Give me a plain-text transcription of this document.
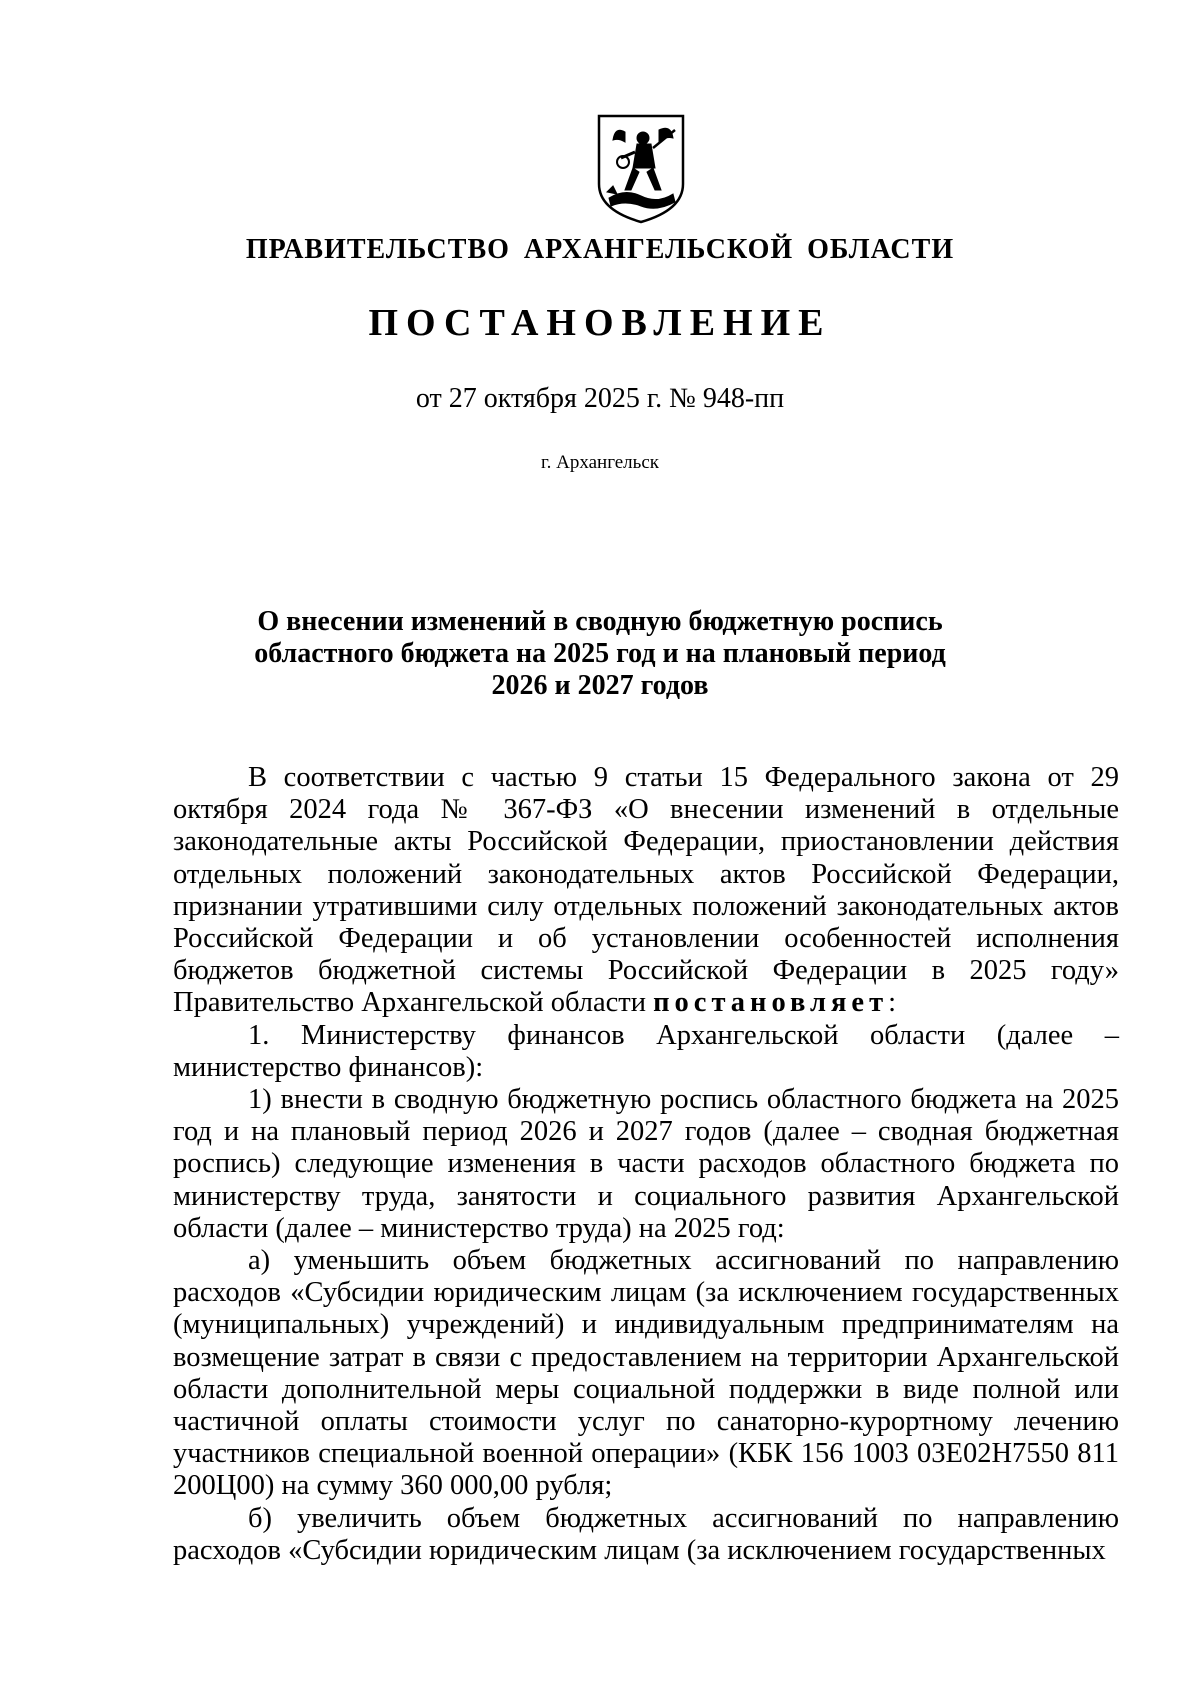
ПРАВИТЕЛЬСТВО АРХАНГЕЛЬСКОЙ ОБЛАСТИ
ПОСТАНОВЛЕНИЕ
от 27 октября 2025 г. № 948-пп
г. Архангельск
О внесении изменений в сводную бюджетную роспись
областного бюджета на 2025 год и на плановый период
2026 и 2027 годов

В соответствии с частью 9 статьи 15 Федерального закона от 29 октября 2024 года № 367-ФЗ «О внесении изменений в отдельные законодательные акты Российской Федерации, приостановлении действия отдельных положений законодательных актов Российской Федерации, признании утратившими силу отдельных положений законодательных актов Российской Федерации и об установлении особенностей исполнения бюджетов бюджетной системы Российской Федерации в 2025 году» Правительство Архангельской области постановляет:

1. Министерству финансов Архангельской области (далее – министерство финансов):

1) внести в сводную бюджетную роспись областного бюджета на 2025 год и на плановый период 2026 и 2027 годов (далее – сводная бюджетная роспись) следующие изменения в части расходов областного бюджета по министерству труда, занятости и социального развития Архангельской области (далее – министерство труда) на 2025 год:

а) уменьшить объем бюджетных ассигнований по направлению расходов «Субсидии юридическим лицам (за исключением государственных (муниципальных) учреждений) и индивидуальным предпринимателям на возмещение затрат в связи с предоставлением на территории Архангельской области дополнительной меры социальной поддержки в виде полной или частичной оплаты стоимости услуг по санаторно-курортному лечению участников специальной военной операции» (КБК 156 1003 03Е02Н7550 811 200Ц00) на сумму 360 000,00 рубля;

б) увеличить объем бюджетных ассигнований по направлению расходов «Субсидии юридическим лицам (за исключением государственных
